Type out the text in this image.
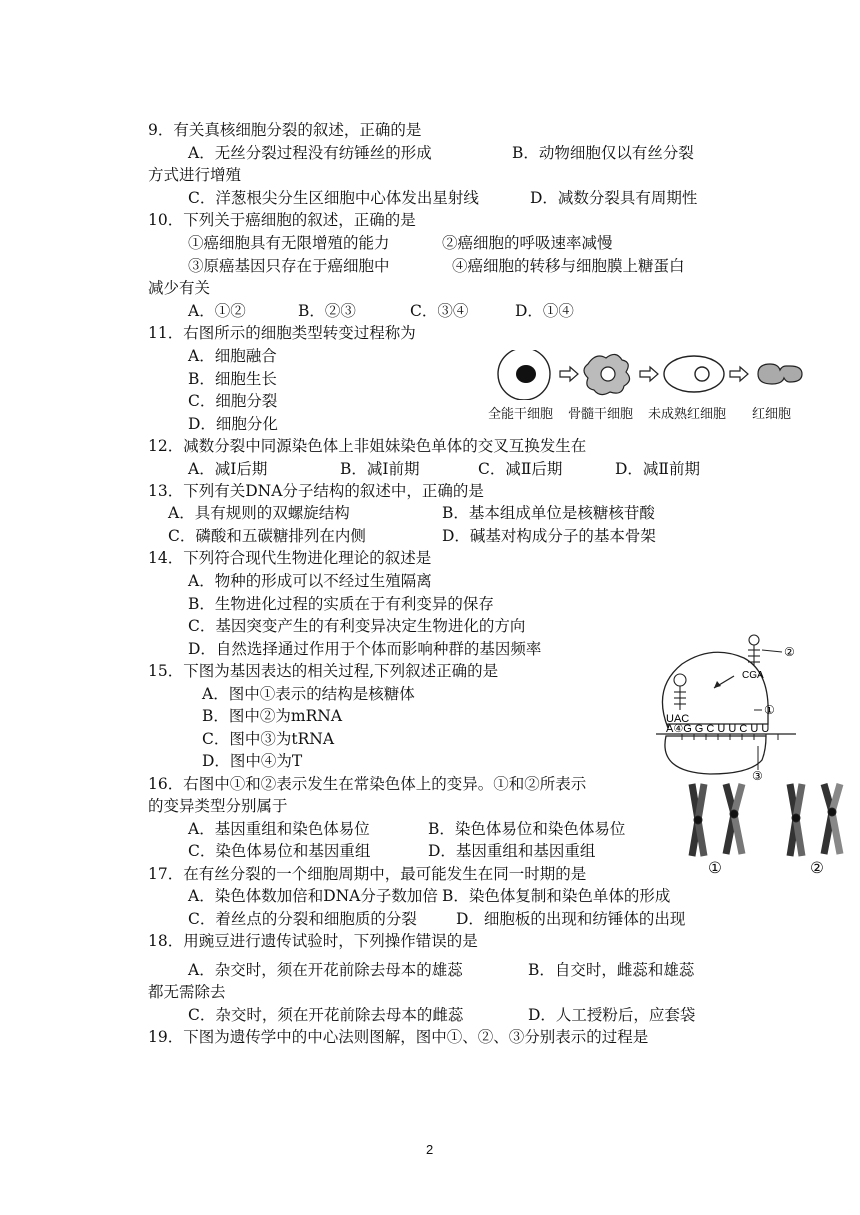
9．有关真核细胞分裂的叙述，正确的是
A．无丝分裂过程没有纺锤丝的形成	B．动物细胞仅以有丝分裂
方式进行增殖
C．洋葱根尖分生区细胞中心体发出星射线	D．减数分裂具有周期性
10．下列关于癌细胞的叙述，正确的是
①癌细胞具有无限增殖的能力	②癌细胞的呼吸速率减慢
③原癌基因只存在于癌细胞中	④癌细胞的转移与细胞膜上糖蛋白
减少有关
A．①②	B．②③	C．③④	D．①④
11．右图所示的细胞类型转变过程称为
A．细胞融合
B．细胞生长
C．细胞分裂
D．细胞分化
全能干细胞 骨髓干细胞 未成熟红细胞 红细胞
12．减数分裂中同源染色体上非姐妹染色单体的交叉互换发生在
A．减Ⅰ后期	B．减Ⅰ前期	C．减Ⅱ后期	D．减Ⅱ前期
13．下列有关DNA分子结构的叙述中，正确的是
A．具有规则的双螺旋结构	B．基本组成单位是核糖核苷酸
C．磷酸和五碳糖排列在内侧	D．碱基对构成分子的基本骨架
14．下列符合现代生物进化理论的叙述是
A．物种的形成可以不经过生殖隔离
B．生物进化过程的实质在于有利变异的保存
C．基因突变产生的有利变异决定生物进化的方向
D．自然选择通过作用于个体而影响种群的基因频率
15．下图为基因表达的相关过程,下列叙述正确的是
A．图中①表示的结构是核糖体
B．图中②为mRNA
C．图中③为tRNA
D．图中④为T
CGA
UAC
A④G G C U U C U U
①
②
③
16．右图中①和②表示发生在常染色体上的变异。①和②所表示
的变异类型分别属于
A．基因重组和染色体易位	B．染色体易位和染色体易位
C．染色体易位和基因重组	D．基因重组和基因重组
①	②
17．在有丝分裂的一个细胞周期中，最可能发生在同一时期的是
A．染色体数加倍和DNA分子数加倍 B．染色体复制和染色单体的形成
C．着丝点的分裂和细胞质的分裂	D．细胞板的出现和纺锤体的出现
18．用豌豆进行遗传试验时，下列操作错误的是
A．杂交时，须在开花前除去母本的雄蕊	B．自交时，雌蕊和雄蕊
都无需除去
C．杂交时，须在开花前除去母本的雌蕊	D．人工授粉后，应套袋
19．下图为遗传学中的中心法则图解，图中①、②、③分别表示的过程是
2
